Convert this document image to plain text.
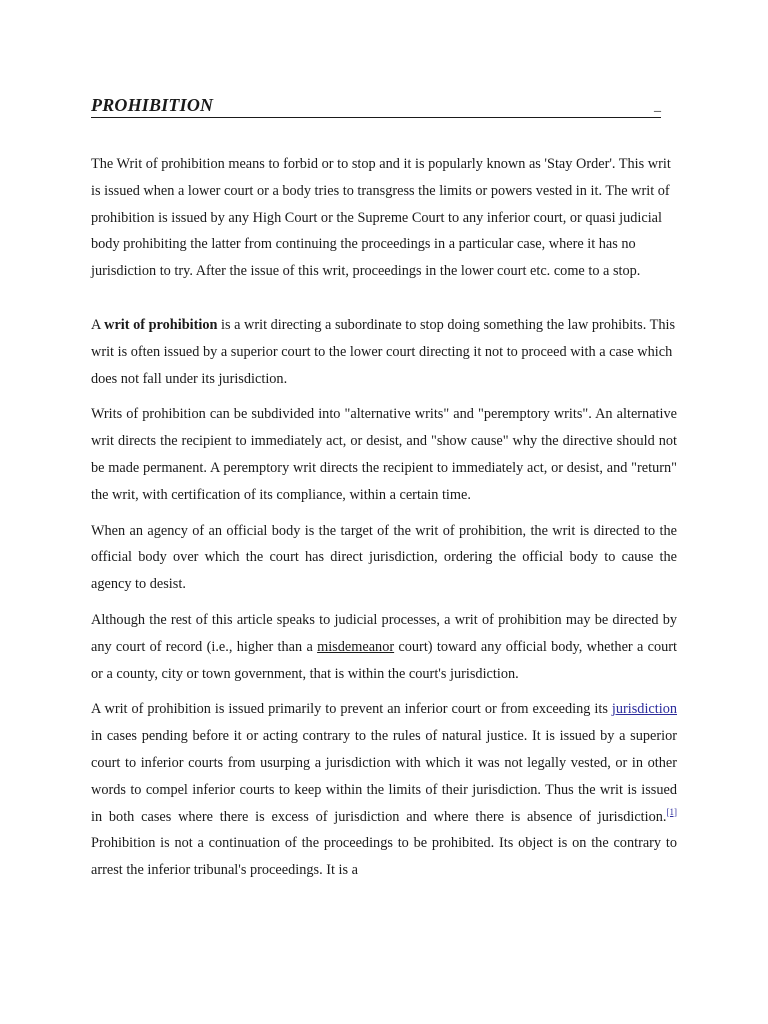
PROHIBITION	_

The Writ of prohibition means to forbid or to stop and it is popularly known as 'Stay Order'. This writ is issued when a lower court or a body tries to transgress the limits or powers vested in it. The writ of prohibition is issued by any High Court or the Supreme Court to any inferior court, or quasi judicial body prohibiting the latter from continuing the proceedings in a particular case, where it has no jurisdiction to try. After the issue of this writ, proceedings in the lower court etc. come to a stop.

A writ of prohibition is a writ directing a subordinate to stop doing something the law prohibits. This writ is often issued by a superior court to the lower court directing it not to proceed with a case which does not fall under its jurisdiction.

Writs of prohibition can be subdivided into "alternative writs" and "peremptory writs". An alternative writ directs the recipient to immediately act, or desist, and "show cause" why the directive should not be made permanent. A peremptory writ directs the recipient to immediately act, or desist, and "return" the writ, with certification of its compliance, within a certain time.

When an agency of an official body is the target of the writ of prohibition, the writ is directed to the official body over which the court has direct jurisdiction, ordering the official body to cause the agency to desist.

Although the rest of this article speaks to judicial processes, a writ of prohibition may be directed by any court of record (i.e., higher than a misdemeanor court) toward any official body, whether a court or a county, city or town government, that is within the court's jurisdiction.

A writ of prohibition is issued primarily to prevent an inferior court or from exceeding its jurisdiction in cases pending before it or acting contrary to the rules of natural justice. It is issued by a superior court to inferior courts from usurping a jurisdiction with which it was not legally vested, or in other words to compel inferior courts to keep within the limits of their jurisdiction. Thus the writ is issued in both cases where there is excess of jurisdiction and where there is absence of jurisdiction.[1] Prohibition is not a continuation of the proceedings to be prohibited. Its object is on the contrary to arrest the inferior tribunal's proceedings. It is a
